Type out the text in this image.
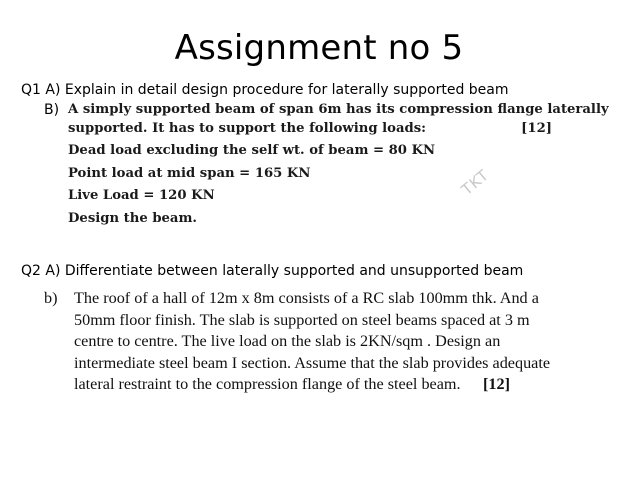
Assignment no 5
Q1 A) Explain in detail design procedure for laterally supported beam
B) A simply supported beam of span 6m has its compression flange laterally
supported. It has to support the following loads:	[12]
Dead load excluding the self wt. of beam = 80 KN
Point load at mid span = 165 KN
Live Load = 120 KN
Design the beam.
TKT
Q2 A) Differentiate between laterally supported and unsupported beam
b)	The roof of a hall of 12m x 8m consists of a RC slab 100mm thk. And a
50mm floor finish. The slab is supported on steel beams spaced at 3 m
centre to centre. The live load on the slab is 2KN/sqm . Design an
intermediate steel beam I section. Assume that the slab provides adequate
lateral restraint to the compression flange of the steel beam.	[12]
